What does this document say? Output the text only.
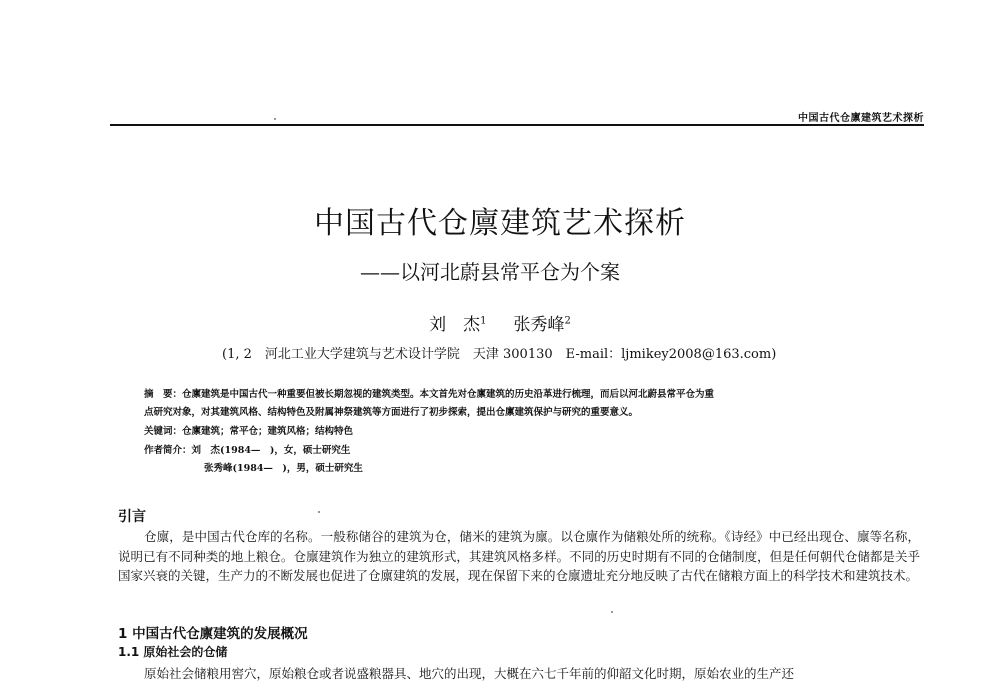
中国古代仓廪建筑艺术探析
中国古代仓廪建筑艺术探析
——以河北蔚县常平仓为个案
刘　杰$^1$ 张秀峰$^2$
(1, 2　河北工业大学建筑与艺术设计学院　天津 300130　E-mail：ljmikey2008@163.com)
摘　要：仓廪建筑是中国古代一种重要但被长期忽视的建筑类型。本文首先对仓廪建筑的历史沿革进行梳理，而后以河北蔚县常平仓为重
点研究对象，对其建筑风格、结构特色及附属神祭建筑等方面进行了初步探索，提出仓廪建筑保护与研究的重要意义。
关键词：仓廪建筑；常平仓；建筑风格；结构特色
作者简介：刘　杰(1984—　)，女，硕士研究生
张秀峰(1984—　)，男，硕士研究生
引言
仓廪，是中国古代仓库的名称。一般称储谷的建筑为仓，储米的建筑为廪。以仓廪作为储粮处所的统称。《诗经》中已经出现仓、廪等名称，说明已有不同种类的地上粮仓。仓廪建筑作为独立的建筑形式，其建筑风格多样。不同的历史时期有不同的仓储制度，但是任何朝代仓储都是关乎国家兴衰的关键，生产力的不断发展也促进了仓廪建筑的发展，现在保留下来的仓廪遗址充分地反映了古代在储粮方面上的科学技术和建筑技术。
1 中国古代仓廪建筑的发展概况
1.1 原始社会的仓储
原始社会储粮用窖穴，原始粮仓或者说盛粮器具、地穴的出现，大概在六七千年前的仰韶文化时期，原始农业的生产还
